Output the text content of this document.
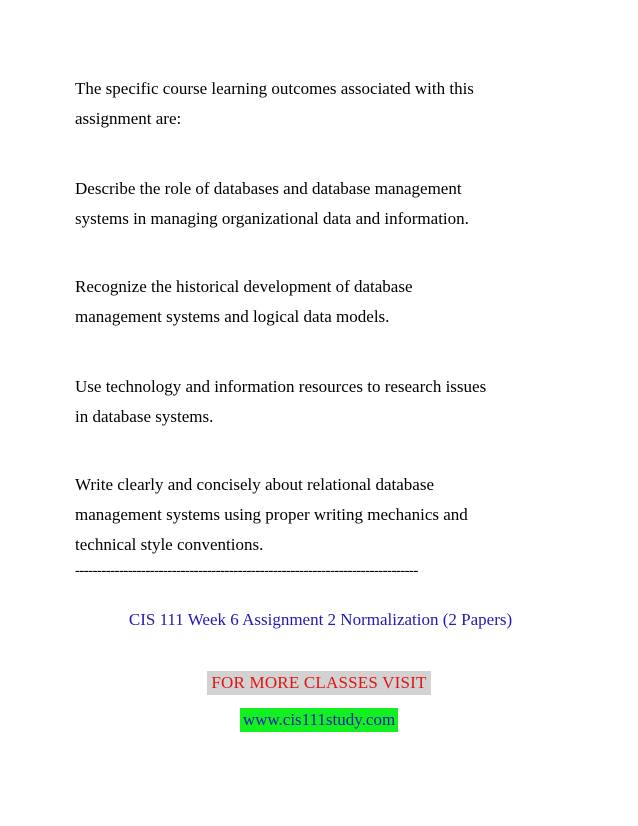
The specific course learning outcomes associated with this
assignment are:

Describe the role of databases and database management
systems in managing organizational data and information.

Recognize the historical development of database
management systems and logical data models.

Use technology and information resources to research issues
in database systems.

Write clearly and concisely about relational database
management systems using proper writing mechanics and
technical style conventions.

------------------------------------------------------------------------------
CIS 111 Week 6 Assignment 2 Normalization (2 Papers)
FOR MORE CLASSES VISIT
www.cis111study.com
